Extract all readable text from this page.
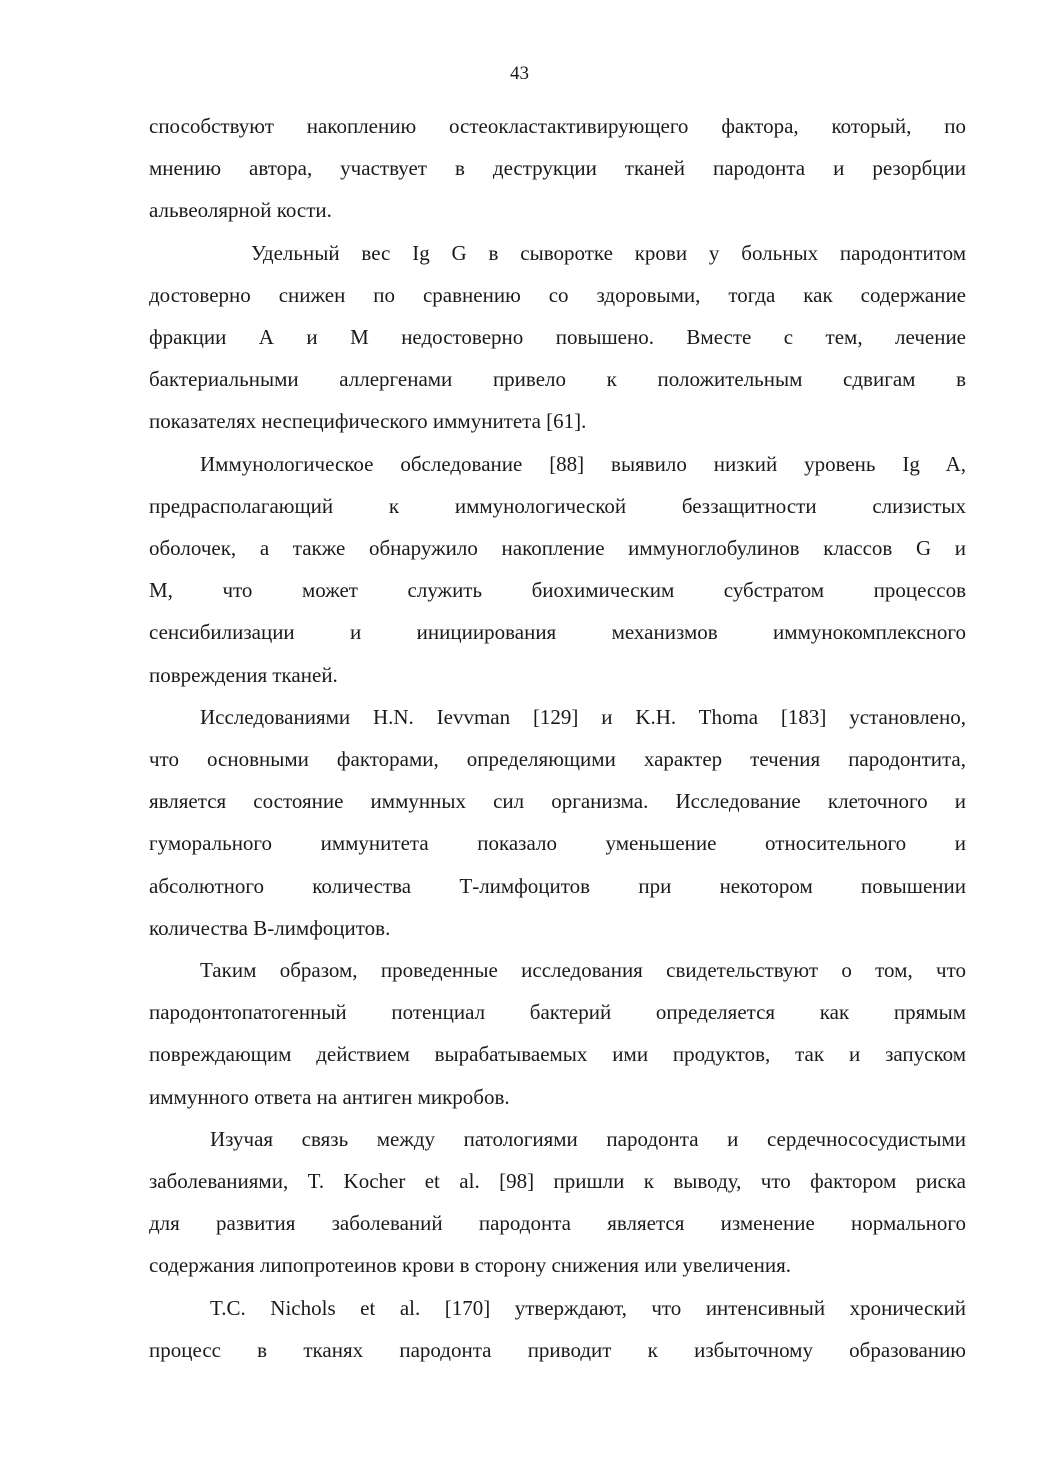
43
способствуют накоплению остеокластактивирующего фактора, который, по
мнению автора, участвует в деструкции тканей пародонта и резорбции
альвеолярной кости.
Удельный вес Ig G в сыворотке крови у больных пародонтитом
достоверно снижен по сравнению со здоровыми, тогда как содержание
фракции А и М недостоверно повышено. Вместе с тем, лечение
бактериальными аллергенами привело к положительным сдвигам в
показателях неспецифического иммунитета [61].
Иммунологическое обследование [88] выявило низкий уровень Ig A,
предрасполагающий к иммунологической беззащитности слизистых
оболочек, а также обнаружило накопление иммуноглобулинов классов G и
M, что может служить биохимическим субстратом процессов
сенсибилизации и инициирования механизмов иммунокомплексного
повреждения тканей.
Исследованиями H.N. Ievvman [129] и K.H. Thoma [183] установлено,
что основными факторами, определяющими характер течения пародонтита,
является состояние иммунных сил организма. Исследование клеточного и
гуморального иммунитета показало уменьшение относительного и
абсолютного количества Т-лимфоцитов при некотором повышении
количества В-лимфоцитов.
Таким образом, проведенные исследования свидетельствуют о том, что
пародонтопатогенный потенциал бактерий определяется как прямым
повреждающим действием вырабатываемых ими продуктов, так и запуском
иммунного ответа на антиген микробов.
Изучая связь между патологиями пародонта и сердечнососудистыми
заболеваниями, T. Kocher et al. [98] пришли к выводу, что фактором риска
для развития заболеваний пародонта является изменение нормального
содержания липопротеинов крови в сторону снижения или увеличения.
T.C. Nichols et al. [170] утверждают, что интенсивный хронический
процесс в тканях пародонта приводит к избыточному образованию
